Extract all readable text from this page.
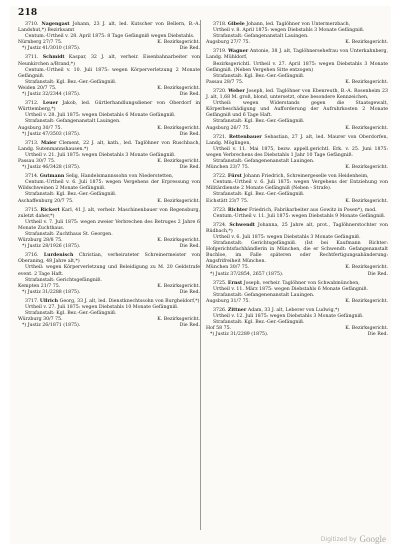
218

3710. Nagengast Johann, 23 J. alt, led. Kutscher von Bellern, B.-A. Landshut,*) Bezirksamt

Centum.-Urtheil v. 28. April 1875: 8 Tage Gefängniß wegen Diebstahls.

Nürnberg 27/7 75.	K. Bezirksgericht.
*) Justiz 41/3010 (1875).	Die Red.

3711. Schmidt Kaspar, 32 J. alt, verheir. Eisenbahnarbeiter von Neunkirchen a/Brand,*)

Centum.-Urtheil v. 10. Juli 1875: wegen Körperverletzung 2 Monate Gefängniß.

Strafanstalt: Kgl. Bez.-Ger.-Gefängniß.

Weiden 20/7 75.	K. Bezirksgericht.
*) Justiz 32/2344 (1875).	Die Red.

3712. Leuer Jakob, led. Gürtlerhandlungsdiener von Oberdorf in Württemberg,*)

Urtheil v. 28. Juli 1875: wegen Diebstahls 6 Monate Gefängniß.

Strafanstalt: Gefangenanstalt Lauingen.

Augsburg 30/7 75.	K. Bezirksgericht.
*) Justiz 47/3503 (1875).	Die Red.

3713. Maier Clement, 22 J. alt, kath., led. Taglöhner von Ruschbach, Landg. Sutenmannshausen.*)

Urtheil v. 21. Juli 1875: wegen Diebstahls 3 Monate Gefängniß.

Passau 30/7 75.	K. Bezirksgericht.
*) Justiz 46/3428 (1875).	Die Red.

3714. Gutmann Selig, Handelsmannssohn von Niederstetten,

Centum.-Urtheil v. 6. Juli 1875: wegen Vergehens der Erpressung von Wildschweinen 2 Monate Gefängniß.

Strafanstalt: Kgl. Bez.-Ger.-Gefängniß.

Aschaffenburg 20/7 75.	K. Bezirksgericht.

3715. Rickert Karl, 41 J. alt, verheir. Maschinenbauer von Regensburg, zuletzt daher,*)

Urtheil v. 7. Juli 1875: wegen zweier Verbrechen des Betruges 2 Jahre 6 Monate Zuchthaus.

Strafanstalt: Zuchthaus St. Georgen.

Würzburg 28/8 75.	K. Bezirksgericht.
*) Justiz 28/1926 (1875).	Die Red.

3716. Lurdenisch Christian, verheirateter Schreinermeister von Oberaning, 48 Jahre alt,*)

Urtheil: wegen Körperverletzung und Beleidigung zu M. 20 Geldstrafe event. 2 Tage Haft.

Strafanstalt: Gerichtsgefängniß.

Kempten 21/7 75.	K. Bezirksgericht.
*) Justiz 31/2288 (1875).	Die Red.

3717. Ullrich Georg, 33 J. alt, led. Dienstknechtssohn von Burgheldorf,*)

Urtheil v. 27. Juli 1875: wegen Diebstahls 10 Monate Gefängniß.

Strafanstalt: Kgl. Bez.-Ger.-Gefängniß.

Würzburg 30/7 75.	K. Bezirksgericht.
*) Justiz 26/1871 (1875).	Die Red.

3718. Gibele Johann, led. Taglöhner von Untermerzbach,

Urtheil v. 8. April 1875: wegen Diebstahls 3 Monate Gefängniß.

Strafanstalt: Gefangenanstalt Lauingen.

Augsburg 27/7 75.	K. Bezirksgericht.

3719. Wagner Antonie, 38 J. alt, Taglöhnersehefrau von Unterkahnberg, Landg. Mühldorf,

Bezirksgerichtl. Urtheil v. 27. April 1875: wegen Diebstahls 3 Monate Gefängniß. (Neben Vergehen Sitte entzogen)

Strafanstalt: Kgl. Bez.-Ger.-Gefängniß.

Passau 28/7 75.	K. Bezirksgericht.

3720. Weber Joseph, led. Taglöhner von Ebenreuth, B.-A. Rosenheim 23 J. alt, 1,68 M. groß, blond, untersetzt, ohne besondere Kennzeichen,

Urtheil: wegen Widerstands gegen die Staatsgewalt, Körperbeschädigung und Aufforderung der Aufruhrkosten 2 Monate Gefängniß und 6 Tage Haft.

Strafanstalt: Kgl. Bez.-Ger.-Gefängniß.

Augsburg 26/7 75.	K. Bezirksgericht.

3721. Rettenbauer Sebastian, 27 J. alt, led. Maurer von Oberdorfen, Landg. Möglingen,

Urtheil v. 11. Mai 1875, bezw. appell.gerichtl. Erk. v. 25. Juni 1875: wegen Verbrechens des Diebstahls 1 Jahr 10 Tage Gefängniß.

Strafanstalt: Gefangenenanstalt Lauingen.

München 23/7 75.	K. Bezirksgericht.

3722. Fürst Johann Friedrich, Schreinergeselle von Heidenheim,

Centum.-Urtheil v. 6. Juli 1875: wegen Vergehens der Entziehung von Militärdienste 2 Monate Gefängniß (Neben - Strafe).

Strafanstalt: Kgl. Bez.-Ger.-Gefängniß.

Eichstätt 23/7 75.	K. Bezirksgericht.

3723. Richter Friedrich, Fabrikarbeiter aus Gowitz in Posen*), mod.

Centum.-Urtheil v. 11. Juli 1875: wegen Diebstahls 9 Monate Gefängniß.

3724. Schwendt Johanna, 25 Jahre alt, prot., Taglöhnerstochter von Rüdbach,*)

Urtheil v. 6. Juli 1875: wegen Diebstahls 3 Monate Gefängniß.

Strafanstalt: Gerichtsgefängniß. (Ist bei Kaufmann Richter: Hofgerichtsfachhändlerin in München, die er Schwendt: Gefangenanstalt Buchloe, im Falle späteren oder Rechtfertigungsabänderung: Angsfrifreiheit München.

München 30/7 75.	K. Bezirksgericht.
*) Justiz 37/2854, 2657 (1875).	Die Red.

3725. Ernst Joseph, verheir. Taglöhner von Schwabmünchen,

Urtheil v. 11. März 1875: wegen Diebstahls 6 Monate Gefängniß.

Strafanstalt: Gefangenenanstalt Lauingen.

Augsburg 31/7 75.	K. Bezirksgericht.

3726. Zittner Adam, 33 J. alt, Leberer von Ludwig,*)

Urtheil v. 12. Juli 1875: wegen Diebstahls 3 Monate Gefängniß.

Strafanstalt: Kgl. Bez.-Ger.-Gefängniß.

Hof 58 75.	K. Bezirksgericht.
*) Justiz 31/2289 (1875).	Die Red.
Digitized by Google
